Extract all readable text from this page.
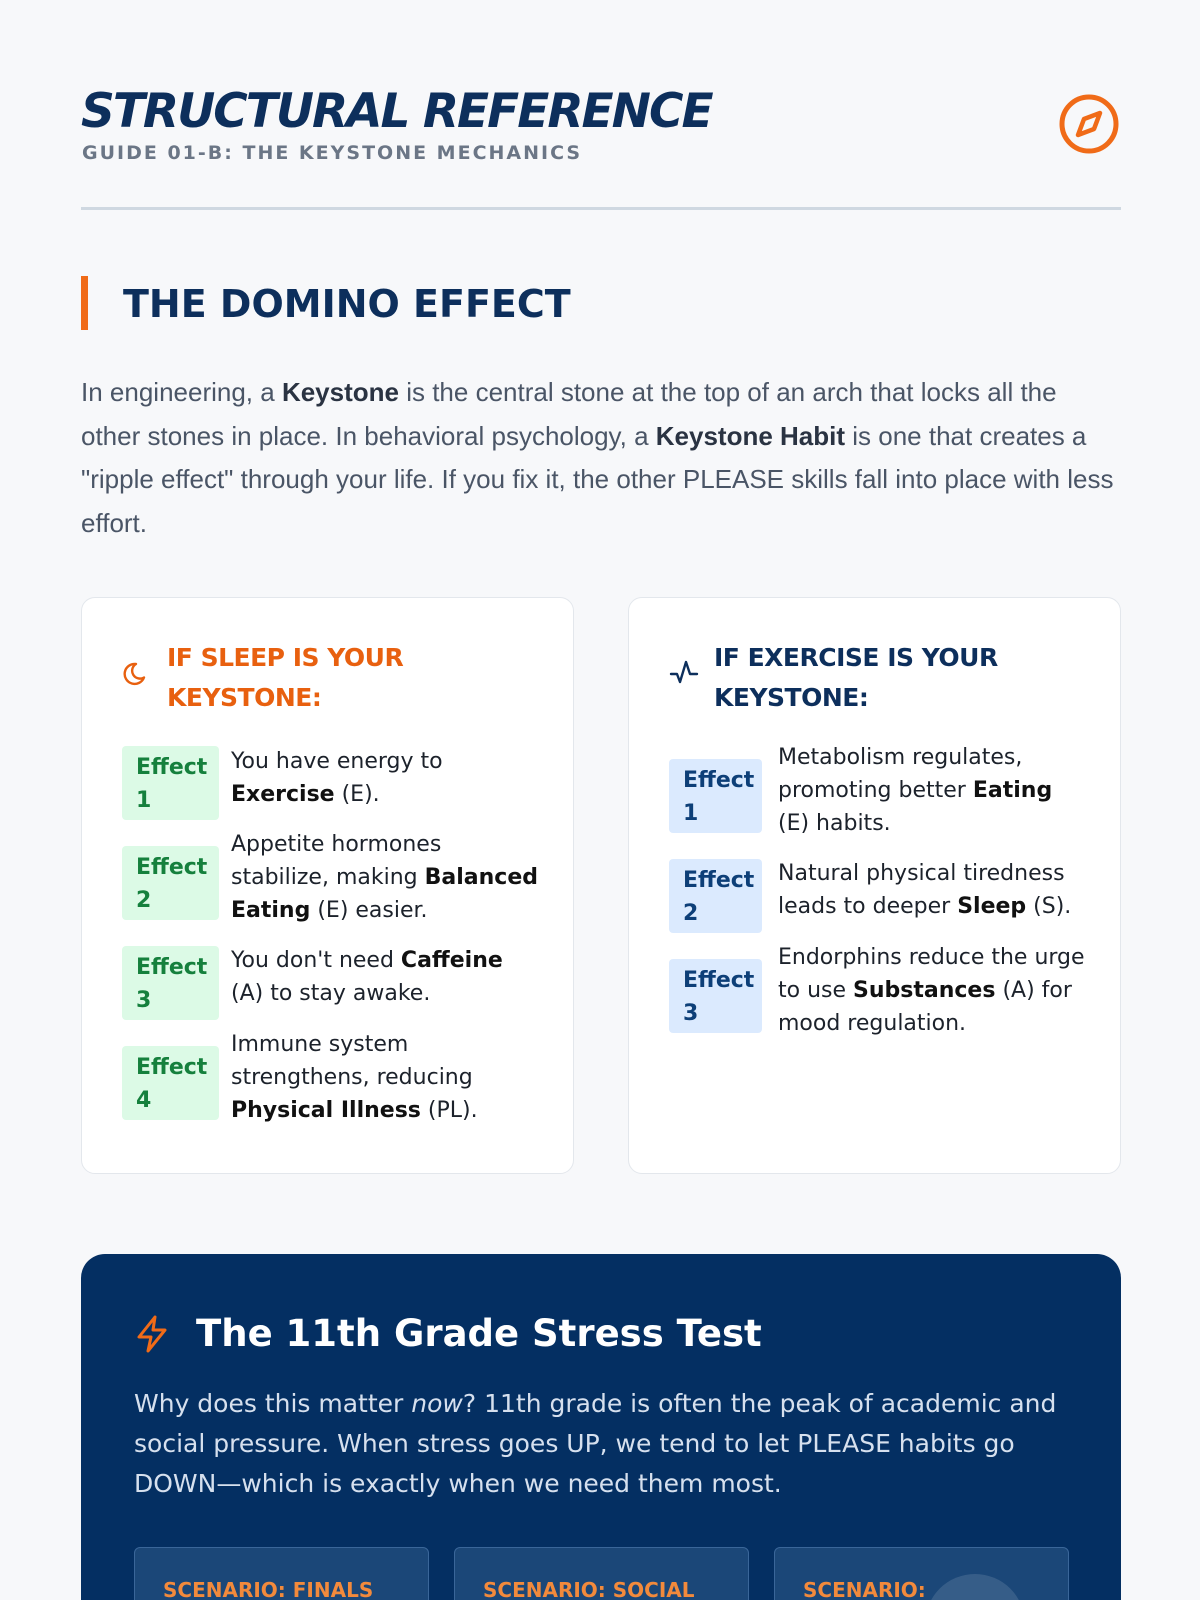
STRUCTURAL REFERENCE
GUIDE 01-B: THE KEYSTONE MECHANICS
THE DOMINO EFFECT

In engineering, a Keystone is the central stone at the top of an arch that locks all the other stones in place. In behavioral psychology, a Keystone Habit is one that creates a "ripple effect" through your life. If you fix it, the other PLEASE skills fall into place with less effort.

IF SLEEP IS YOUR KEYSTONE:
Effect 1
You have energy to Exercise (E).
Effect 2
Appetite hormones stabilize, making Balanced Eating (E) easier.
Effect 3
You don't need Caffeine (A) to stay awake.
Effect 4
Immune system strengthens, reducing Physical Illness (PL).
IF EXERCISE IS YOUR KEYSTONE:
Effect 1
Metabolism regulates, promoting better Eating (E) habits.
Effect 2
Natural physical tiredness leads to deeper Sleep (S).
Effect 3
Endorphins reduce the urge to use Substances (A) for mood regulation.
The 11th Grade Stress Test

Why does this matter now? 11th grade is often the peak of academic and social pressure. When stress goes UP, we tend to let PLEASE habits go DOWN—which is exactly when we need them most.

SCENARIO: FINALS	SCENARIO: SOCIAL	SCENARIO:
